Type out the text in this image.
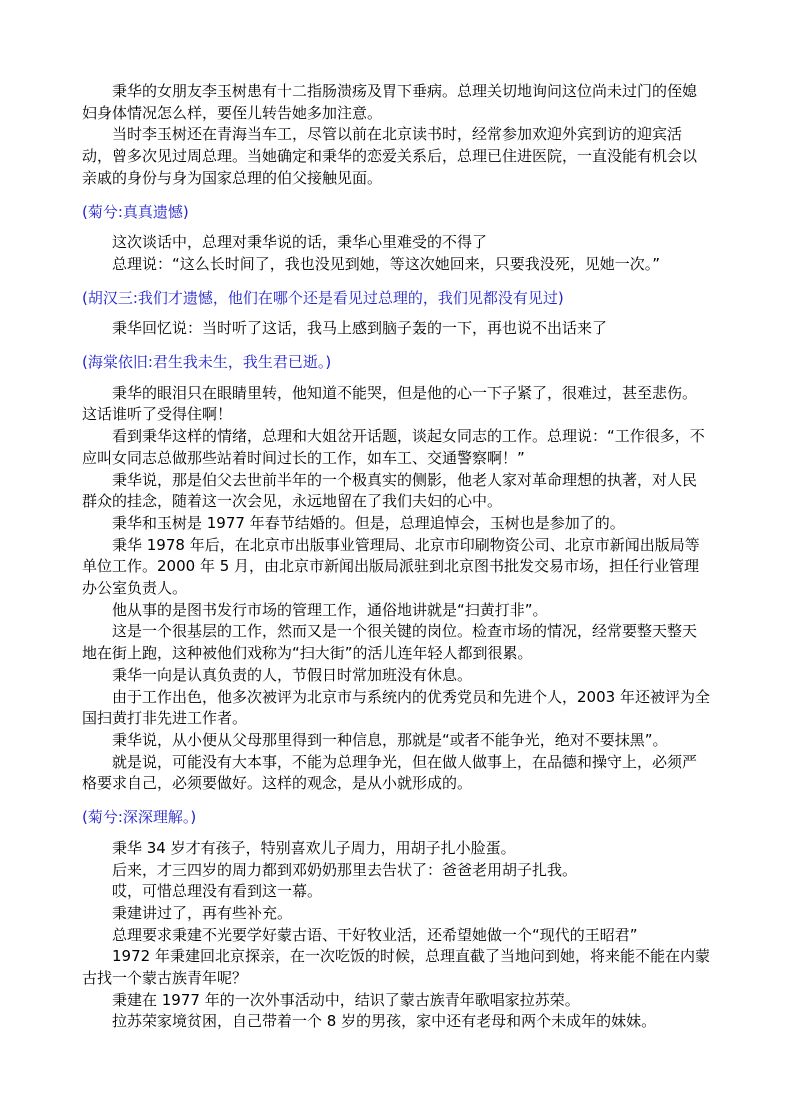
秉华的女朋友李玉树患有十二指肠溃疡及胃下垂病。总理关切地询问这位尚未过门的侄媳妇身体情况怎么样，要侄儿转告她多加注意。

当时李玉树还在青海当车工，尽管以前在北京读书时，经常参加欢迎外宾到访的迎宾活动，曾多次见过周总理。当她确定和秉华的恋爱关系后，总理已住进医院，一直没能有机会以亲戚的身份与身为国家总理的伯父接触见面。

(菊兮:真真遗憾)

这次谈话中，总理对秉华说的话，秉华心里难受的不得了

总理说：“这么长时间了，我也没见到她，等这次她回来，只要我没死，见她一次。”

(胡汉三:我们才遗憾，他们在哪个还是看见过总理的，我们见都没有见过)

秉华回忆说：当时听了这话，我马上感到脑子轰的一下，再也说不出话来了

(海棠依旧:君生我未生，我生君已逝。)

秉华的眼泪只在眼睛里转，他知道不能哭，但是他的心一下子紧了，很难过，甚至悲伤。这话谁听了受得住啊！

看到秉华这样的情绪，总理和大姐岔开话题，谈起女同志的工作。总理说：“工作很多，不应叫女同志总做那些站着时间过长的工作，如车工、交通警察啊！”

秉华说，那是伯父去世前半年的一个极真实的侧影，他老人家对革命理想的执著，对人民群众的挂念，随着这一次会见，永远地留在了我们夫妇的心中。

秉华和玉树是 1977 年春节结婚的。但是，总理追悼会，玉树也是参加了的。

秉华 1978 年后，在北京市出版事业管理局、北京市印刷物资公司、北京市新闻出版局等单位工作。2000 年 5 月，由北京市新闻出版局派驻到北京图书批发交易市场，担任行业管理办公室负责人。

他从事的是图书发行市场的管理工作，通俗地讲就是“扫黄打非”。

这是一个很基层的工作，然而又是一个很关键的岗位。检查市场的情况，经常要整天整天地在街上跑，这种被他们戏称为“扫大街”的活儿连年轻人都到很累。

秉华一向是认真负责的人，节假日时常加班没有休息。

由于工作出色，他多次被评为北京市与系统内的优秀党员和先进个人，2003 年还被评为全国扫黄打非先进工作者。

秉华说，从小便从父母那里得到一种信息，那就是“或者不能争光，绝对不要抹黑”。

就是说，可能没有大本事，不能为总理争光，但在做人做事上，在品德和操守上，必须严格要求自己，必须要做好。这样的观念，是从小就形成的。

(菊兮:深深理解。)

秉华 34 岁才有孩子，特别喜欢儿子周力，用胡子扎小脸蛋。

后来，才三四岁的周力都到邓奶奶那里去告状了：爸爸老用胡子扎我。

哎，可惜总理没有看到这一幕。

秉建讲过了，再有些补充。

总理要求秉建不光要学好蒙古语、干好牧业活，还希望她做一个“现代的王昭君”

1972 年秉建回北京探亲，在一次吃饭的时候，总理直截了当地问到她，将来能不能在内蒙古找一个蒙古族青年呢？

秉建在 1977 年的一次外事活动中，结识了蒙古族青年歌唱家拉苏荣。

拉苏荣家境贫困，自己带着一个 8 岁的男孩，家中还有老母和两个未成年的妹妹。
